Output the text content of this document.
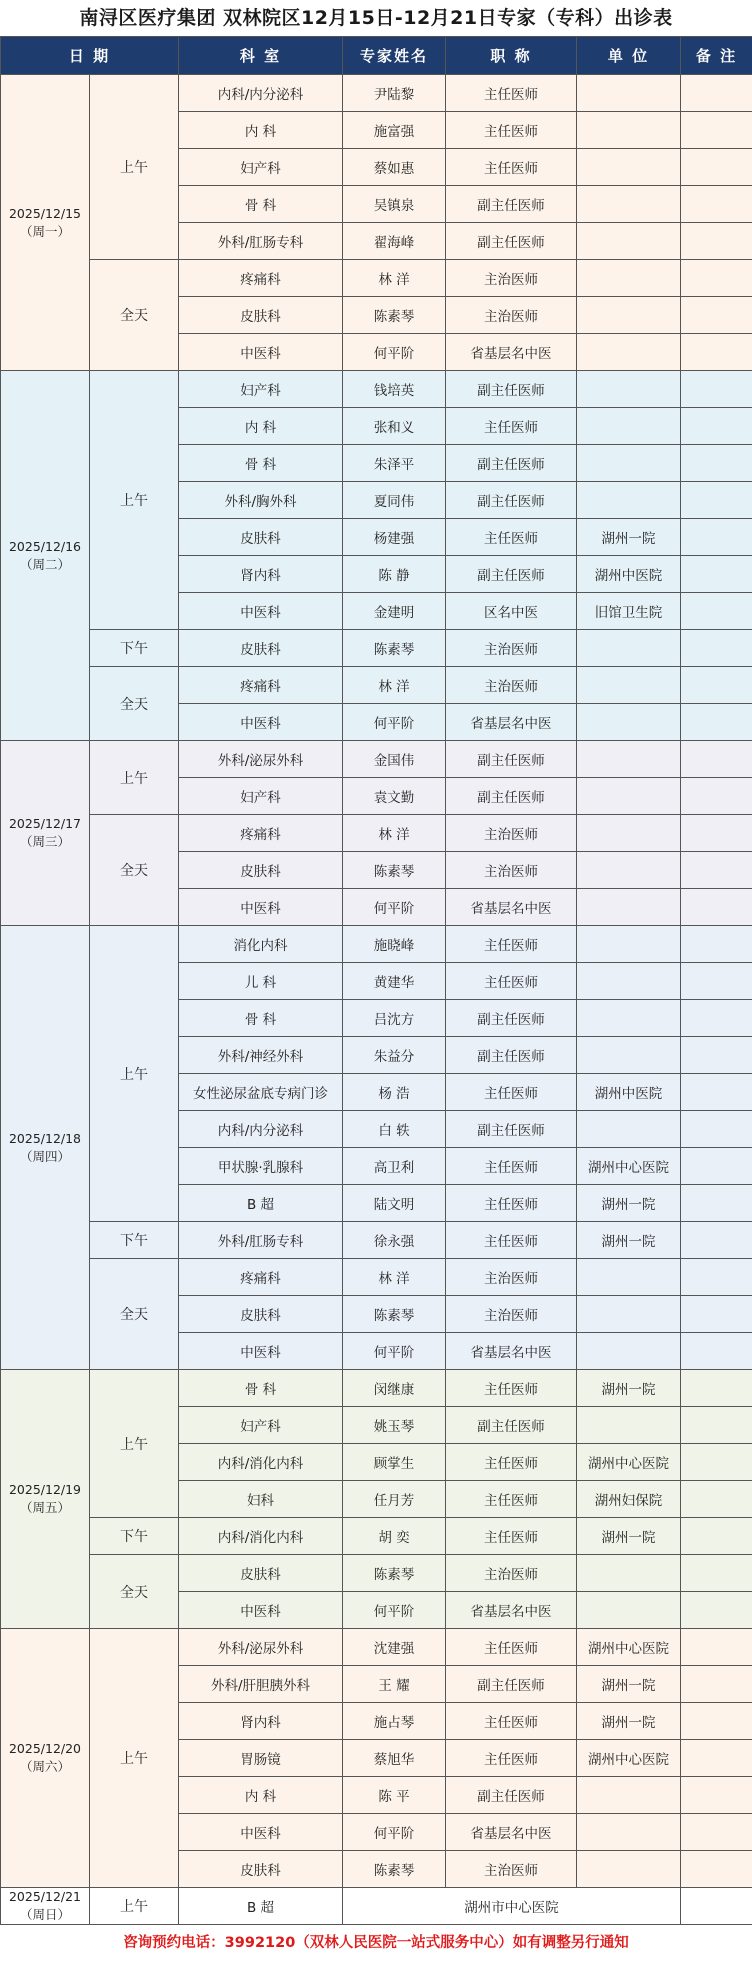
南浔区医疗集团 双林院区12月15日-12月21日专家（专科）出诊表
日 期		科 室	专家姓名	职 称	单 位	备 注

2025/12/15
（周一）	上午	内科/内分泌科	尹陆黎	主任医师		
		内 科	施富强	主任医师		
		妇产科	蔡如惠	主任医师		
		骨 科	吴镇泉	副主任医师		
		外科/肛肠专科	翟海峰	副主任医师		
	全天	疼痛科	林 洋	主治医师		
		皮肤科	陈素琴	主治医师		
		中医科	何平阶	省基层名中医		

2025/12/16
（周二）	上午	妇产科	钱培英	副主任医师		
		内 科	张和义	主任医师		
		骨 科	朱泽平	副主任医师		
		外科/胸外科	夏同伟	副主任医师		
		皮肤科	杨建强	主任医师	湖州一院	
		肾内科	陈 静	副主任医师	湖州中医院	
		中医科	金建明	区名中医	旧馆卫生院	
	下午	皮肤科	陈素琴	主治医师		
	全天	疼痛科	林 洋	主治医师		
		中医科	何平阶	省基层名中医		

2025/12/17
（周三）	上午	外科/泌尿外科	金国伟	副主任医师		
		妇产科	袁文勤	副主任医师		
	全天	疼痛科	林 洋	主治医师		
		皮肤科	陈素琴	主治医师		
		中医科	何平阶	省基层名中医		

2025/12/18
（周四）	上午	消化内科	施晓峰	主任医师		
		儿 科	黄建华	主任医师		
		骨 科	吕沈方	副主任医师		
		外科/神经外科	朱益分	副主任医师		
		女性泌尿盆底专病门诊	杨 浩	主任医师	湖州中医院	
		内科/内分泌科	白 轶	副主任医师		
		甲状腺·乳腺科	高卫利	主任医师	湖州中心医院	
		B 超	陆文明	主任医师	湖州一院	
	下午	外科/肛肠专科	徐永强	主任医师	湖州一院	
	全天	疼痛科	林 洋	主治医师		
		皮肤科	陈素琴	主治医师		
		中医科	何平阶	省基层名中医		

2025/12/19
（周五）	上午	骨 科	闵继康	主任医师	湖州一院	
		妇产科	姚玉琴	副主任医师		
		内科/消化内科	顾掌生	主任医师	湖州中心医院	
		妇科	任月芳	主任医师	湖州妇保院	
	下午	内科/消化内科	胡 奕	主任医师	湖州一院	
	全天	皮肤科	陈素琴	主治医师		
		中医科	何平阶	省基层名中医		

2025/12/20
（周六）	上午	外科/泌尿外科	沈建强	主任医师	湖州中心医院	
		外科/肝胆胰外科	王 耀	副主任医师	湖州一院	
		肾内科	施占琴	主任医师	湖州一院	
		胃肠镜	蔡旭华	主任医师	湖州中心医院	
		内 科	陈 平	副主任医师		
		中医科	何平阶	省基层名中医		
		皮肤科	陈素琴	主治医师		

2025/12/21
（周日）	上午	B 超	湖州市中心医院			
咨询预约电话：3992120（双林人民医院一站式服务中心）如有调整另行通知
